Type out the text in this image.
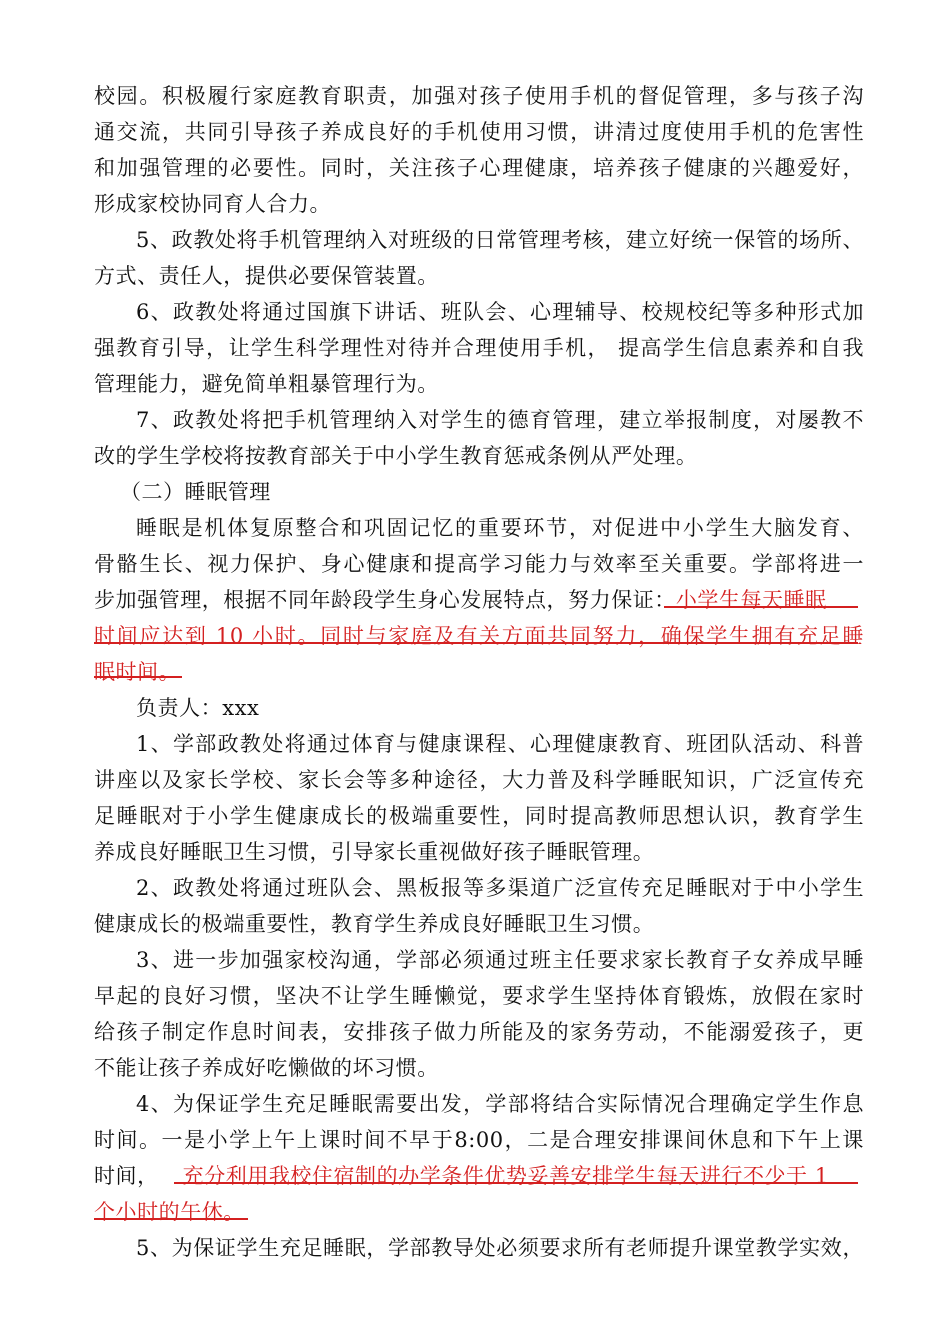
校园。积极履行家庭教育职责，加强对孩子使用手机的督促管理，多与孩子沟
通交流，共同引导孩子养成良好的手机使用习惯，讲清过度使用手机的危害性
和加强管理的必要性。同时，关注孩子心理健康，培养孩子健康的兴趣爱好，
形成家校协同育人合力。
5、政教处将手机管理纳入对班级的日常管理考核，建立好统一保管的场所、
方式、责任人，提供必要保管装置。
6、政教处将通过国旗下讲话、班队会、心理辅导、校规校纪等多种形式加
强教育引导，让学生科学理性对待并合理使用手机， 提高学生信息素养和自我
管理能力，避免简单粗暴管理行为。
7、政教处将把手机管理纳入对学生的德育管理，建立举报制度，对屡教不
改的学生学校将按教育部关于中小学生教育惩戒条例从严处理。
（二）睡眠管理
睡眠是机体复原整合和巩固记忆的重要环节，对促进中小学生大脑发育、
骨骼生长、视力保护、身心健康和提高学习能力与效率至关重要。学部将进一
步加强管理，根据不同年龄段学生身心发展特点，努力保证：小学生每天睡眠
时间应达到 10 小时。同时与家庭及有关方面共同努力，确保学生拥有充足睡
眠时间。
负责人：xxx
1、学部政教处将通过体育与健康课程、心理健康教育、班团队活动、科普
讲座以及家长学校、家长会等多种途径，大力普及科学睡眠知识，广泛宣传充
足睡眠对于小学生健康成长的极端重要性，同时提高教师思想认识，教育学生
养成良好睡眠卫生习惯，引导家长重视做好孩子睡眠管理。
2、政教处将通过班队会、黑板报等多渠道广泛宣传充足睡眠对于中小学生
健康成长的极端重要性，教育学生养成良好睡眠卫生习惯。
3、进一步加强家校沟通，学部必须通过班主任要求家长教育子女养成早睡
早起的良好习惯，坚决不让学生睡懒觉，要求学生坚持体育锻炼，放假在家时
给孩子制定作息时间表，安排孩子做力所能及的家务劳动，不能溺爱孩子，更
不能让孩子养成好吃懒做的坏习惯。
4、为保证学生充足睡眠需要出发，学部将结合实际情况合理确定学生作息
时间。一是小学上午上课时间不早于8:00，二是合理安排课间休息和下午上课
时间， 充分利用我校住宿制的办学条件优势妥善安排学生每天进行不少于 1
个小时的午休。
5、为保证学生充足睡眠，学部教导处必须要求所有老师提升课堂教学实效，
